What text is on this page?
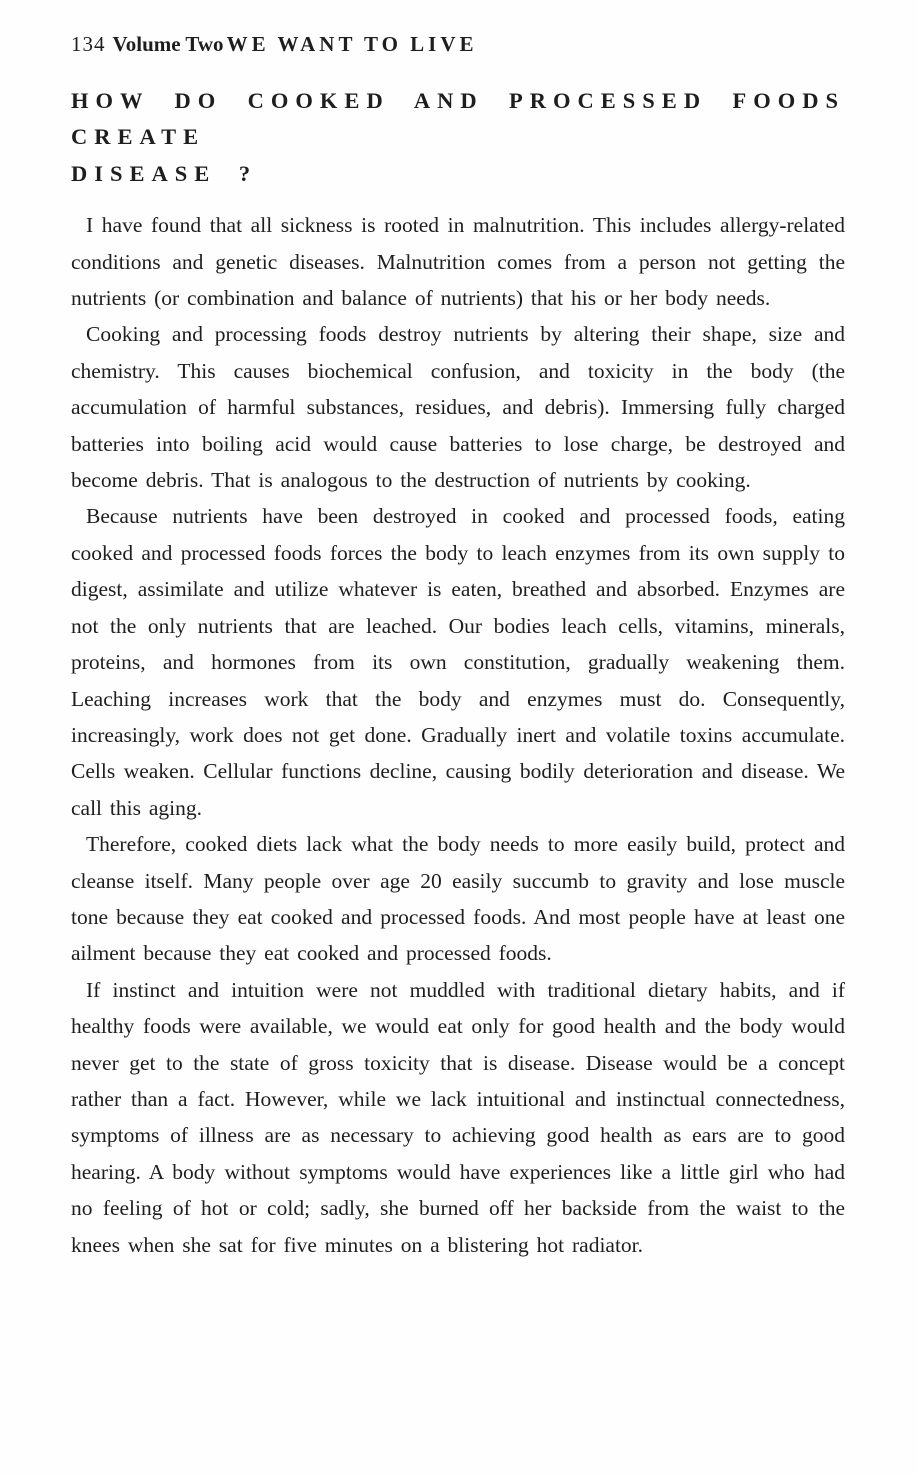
134 Volume Two WE WANT TO LIVE
HOW DO COOKED AND PROCESSED FOODS CREATE
DISEASE ?

I have found that all sickness is rooted in malnutrition. This includes allergy-related conditions and genetic diseases. Malnutrition comes from a person not getting the nutrients (or combination and balance of nutrients) that his or her body needs.

Cooking and processing foods destroy nutrients by altering their shape, size and chemistry. This causes biochemical confusion, and toxicity in the body (the accumulation of harmful substances, residues, and debris). Immersing fully charged batteries into boiling acid would cause batteries to lose charge, be destroyed and become debris. That is analogous to the destruction of nutrients by cooking.

Because nutrients have been destroyed in cooked and processed foods, eating cooked and processed foods forces the body to leach enzymes from its own supply to digest, assimilate and utilize whatever is eaten, breathed and absorbed. Enzymes are not the only nutrients that are leached. Our bodies leach cells, vitamins, minerals, proteins, and hormones from its own constitution, gradually weakening them. Leaching increases work that the body and enzymes must do. Consequently, increasingly, work does not get done. Gradually inert and volatile toxins accumulate. Cells weaken. Cellular functions decline, causing bodily deterioration and disease. We call this aging.

Therefore, cooked diets lack what the body needs to more easily build, protect and cleanse itself. Many people over age 20 easily succumb to gravity and lose muscle tone because they eat cooked and processed foods. And most people have at least one ailment because they eat cooked and processed foods.

If instinct and intuition were not muddled with traditional dietary habits, and if healthy foods were available, we would eat only for good health and the body would never get to the state of gross toxicity that is disease. Disease would be a concept rather than a fact. However, while we lack intuitional and instinctual connectedness, symptoms of illness are as necessary to achieving good health as ears are to good hearing. A body without symptoms would have experiences like a little girl who had no feeling of hot or cold; sadly, she burned off her backside from the waist to the knees when she sat for five minutes on a blistering hot radiator.
